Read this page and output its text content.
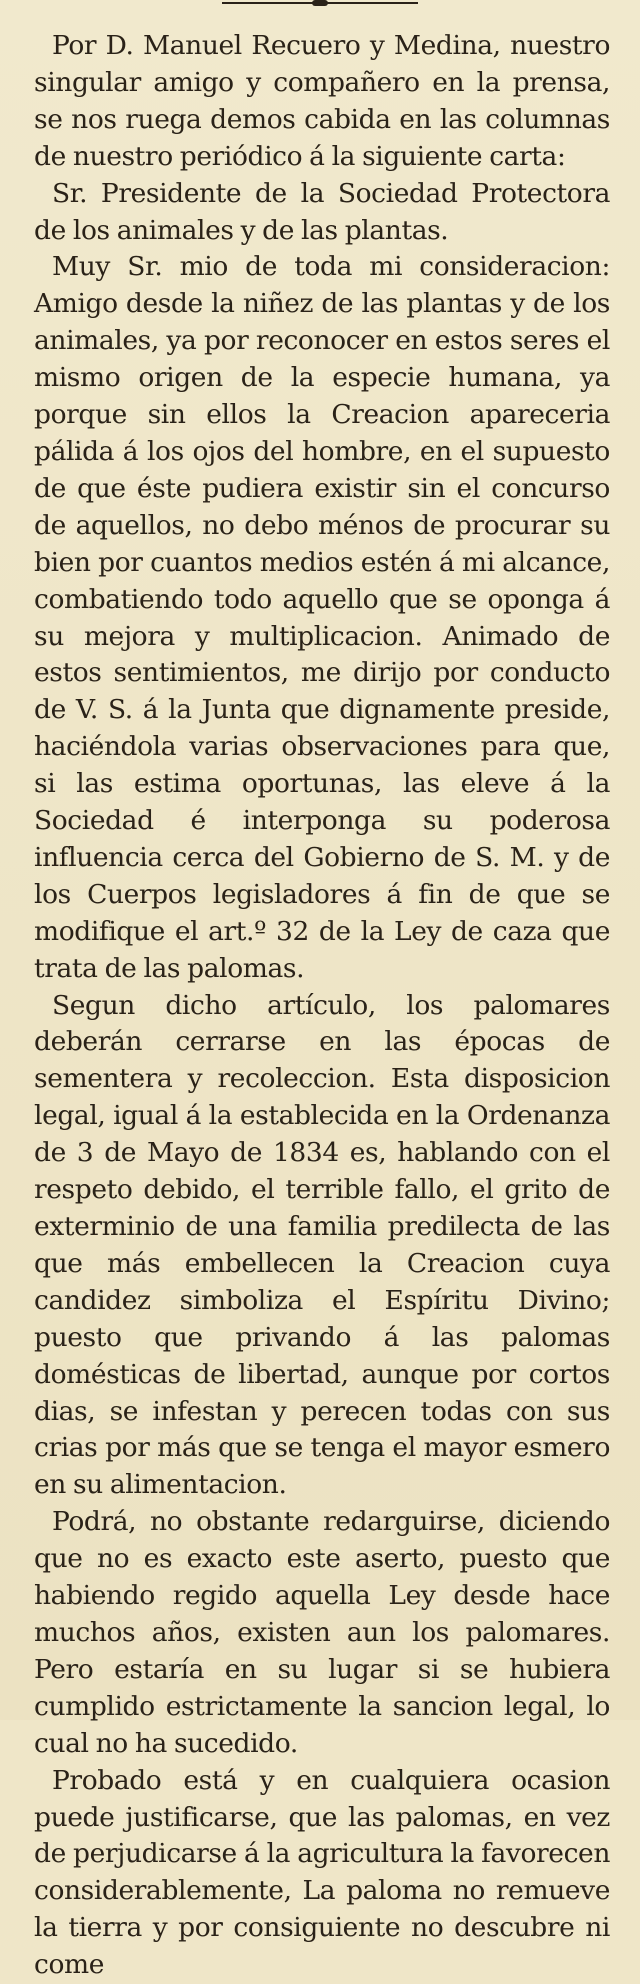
Por D. Manuel Recuero y Medina, nuestro singular amigo y compañero en la prensa, se nos ruega demos cabida en las columnas de nuestro periódico á la siguiente carta:

Sr. Presidente de la Sociedad Protectora de los animales y de las plantas.

Muy Sr. mio de toda mi consideracion: Amigo desde la niñez de las plantas y de los animales, ya por reconocer en estos seres el mismo origen de la especie humana, ya porque sin ellos la Creacion apareceria pálida á los ojos del hombre, en el supuesto de que éste pudiera existir sin el concurso de aquellos, no debo ménos de procurar su bien por cuantos medios estén á mi alcance, combatiendo todo aquello que se oponga á su mejora y multiplicacion. Animado de estos sentimientos, me dirijo por conducto de V. S. á la Junta que dignamente preside, haciéndola varias observaciones para que, si las estima oportunas, las eleve á la Sociedad é interponga su poderosa influencia cerca del Gobierno de S. M. y de los Cuerpos legisladores á fin de que se modifique el art.º 32 de la Ley de caza que trata de las palomas.

Segun dicho artículo, los palomares deberán cerrarse en las épocas de sementera y recoleccion. Esta disposicion legal, igual á la establecida en la Ordenanza de 3 de Mayo de 1834 es, hablando con el respeto debido, el terrible fallo, el grito de exterminio de una familia predilecta de las que más embellecen la Creacion cuya candidez simboliza el Espíritu Divino; puesto que privando á las palomas domésticas de libertad, aunque por cortos dias, se infestan y perecen todas con sus crias por más que se tenga el mayor esmero en su alimentacion.

Podrá, no obstante redarguirse, diciendo que no es exacto este aserto, puesto que habiendo regido aquella Ley desde hace muchos años, existen aun los palomares. Pero estaría en su lugar si se hubiera cumplido estrictamente la sancion legal, lo cual no ha sucedido.

Probado está y en cualquiera ocasion puede justificarse, que las palomas, en vez de perjudicarse á la agricultura la favorecen considerablemente, La paloma no remueve la tierra y por consiguiente no descubre ni come
